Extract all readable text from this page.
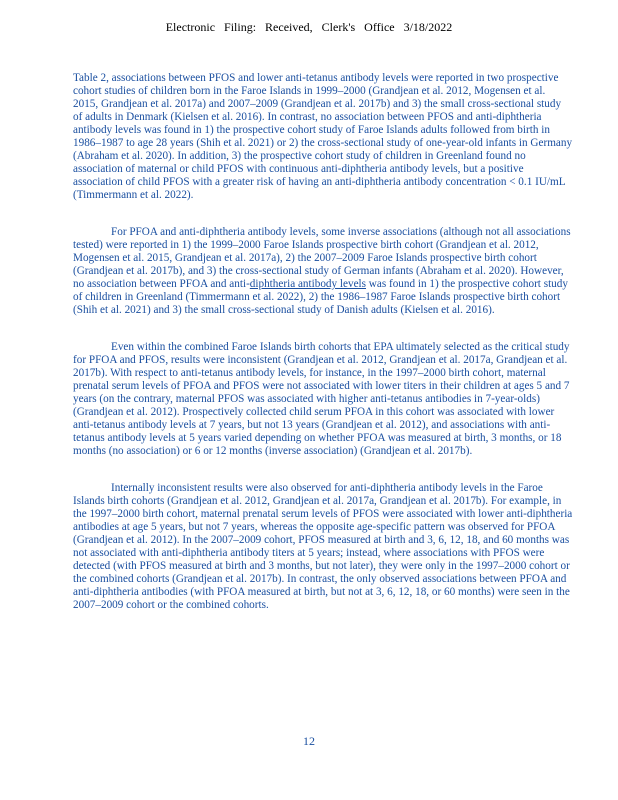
Electronic Filing: Received, Clerk's Office 3/18/2022

Table 2, associations between PFOS and lower anti-tetanus antibody levels were reported in two prospective cohort studies of children born in the Faroe Islands in 1999–2000 (Grandjean et al. 2012, Mogensen et al. 2015, Grandjean et al. 2017a) and 2007–2009 (Grandjean et al. 2017b) and 3) the small cross-sectional study of adults in Denmark (Kielsen et al. 2016). In contrast, no association between PFOS and anti-diphtheria antibody levels was found in 1) the prospective cohort study of Faroe Islands adults followed from birth in 1986–1987 to age 28 years (Shih et al. 2021) or 2) the cross-sectional study of one-year-old infants in Germany (Abraham et al. 2020). In addition, 3) the prospective cohort study of children in Greenland found no association of maternal or child PFOS with continuous anti-diphtheria antibody levels, but a positive association of child PFOS with a greater risk of having an anti-diphtheria antibody concentration < 0.1 IU/mL (Timmermann et al. 2022).

For PFOA and anti-diphtheria antibody levels, some inverse associations (although not all associations tested) were reported in 1) the 1999–2000 Faroe Islands prospective birth cohort (Grandjean et al. 2012, Mogensen et al. 2015, Grandjean et al. 2017a), 2) the 2007–2009 Faroe Islands prospective birth cohort (Grandjean et al. 2017b), and 3) the cross-sectional study of German infants (Abraham et al. 2020). However, no association between PFOA and anti-diphtheria antibody levels was found in 1) the prospective cohort study of children in Greenland (Timmermann et al. 2022), 2) the 1986–1987 Faroe Islands prospective birth cohort (Shih et al. 2021) and 3) the small cross-sectional study of Danish adults (Kielsen et al. 2016).

Even within the combined Faroe Islands birth cohorts that EPA ultimately selected as the critical study for PFOA and PFOS, results were inconsistent (Grandjean et al. 2012, Grandjean et al. 2017a, Grandjean et al. 2017b). With respect to anti-tetanus antibody levels, for instance, in the 1997–2000 birth cohort, maternal prenatal serum levels of PFOA and PFOS were not associated with lower titers in their children at ages 5 and 7 years (on the contrary, maternal PFOS was associated with higher anti-tetanus antibodies in 7-year-olds) (Grandjean et al. 2012). Prospectively collected child serum PFOA in this cohort was associated with lower anti-tetanus antibody levels at 7 years, but not 13 years (Grandjean et al. 2012), and associations with anti-tetanus antibody levels at 5 years varied depending on whether PFOA was measured at birth, 3 months, or 18 months (no association) or 6 or 12 months (inverse association) (Grandjean et al. 2017b).

Internally inconsistent results were also observed for anti-diphtheria antibody levels in the Faroe Islands birth cohorts (Grandjean et al. 2012, Grandjean et al. 2017a, Grandjean et al. 2017b). For example, in the 1997–2000 birth cohort, maternal prenatal serum levels of PFOS were associated with lower anti-diphtheria antibodies at age 5 years, but not 7 years, whereas the opposite age-specific pattern was observed for PFOA (Grandjean et al. 2012). In the 2007–2009 cohort, PFOS measured at birth and 3, 6, 12, 18, and 60 months was not associated with anti-diphtheria antibody titers at 5 years; instead, where associations with PFOS were detected (with PFOS measured at birth and 3 months, but not later), they were only in the 1997–2000 cohort or the combined cohorts (Grandjean et al. 2017b). In contrast, the only observed associations between PFOA and anti-diphtheria antibodies (with PFOA measured at birth, but not at 3, 6, 12, 18, or 60 months) were seen in the 2007–2009 cohort or the combined cohorts.

12
